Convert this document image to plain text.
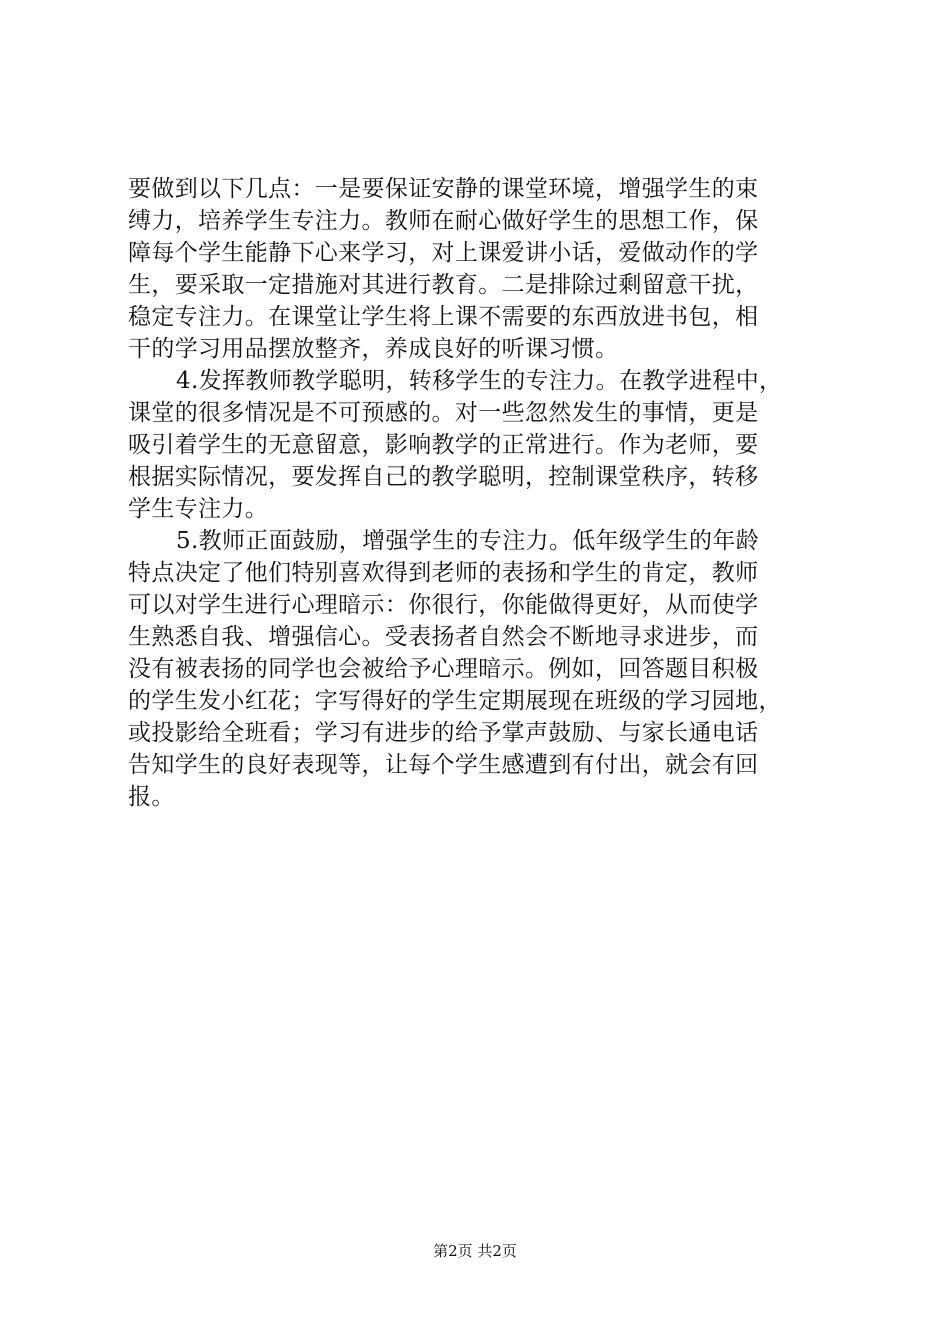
要做到以下几点：一是要保证安静的课堂环境，增强学生的束
缚力，培养学生专注力。教师在耐心做好学生的思想工作，保
障每个学生能静下心来学习，对上课爱讲小话，爱做动作的学
生，要采取一定措施对其进行教育。二是排除过剩留意干扰，
稳定专注力。在课堂让学生将上课不需要的东西放进书包，相
干的学习用品摆放整齐，养成良好的听课习惯。
4.发挥教师教学聪明，转移学生的专注力。在教学进程中，
课堂的很多情况是不可预感的。对一些忽然发生的事情，更是
吸引着学生的无意留意，影响教学的正常进行。作为老师，要
根据实际情况，要发挥自己的教学聪明，控制课堂秩序，转移
学生专注力。
5.教师正面鼓励，增强学生的专注力。低年级学生的年龄
特点决定了他们特别喜欢得到老师的表扬和学生的肯定，教师
可以对学生进行心理暗示：你很行，你能做得更好，从而使学
生熟悉自我、增强信心。受表扬者自然会不断地寻求进步，而
没有被表扬的同学也会被给予心理暗示。例如，回答题目积极
的学生发小红花；字写得好的学生定期展现在班级的学习园地，
或投影给全班看；学习有进步的给予掌声鼓励、与家长通电话
告知学生的良好表现等，让每个学生感遭到有付出，就会有回
报。
第2页 共2页
